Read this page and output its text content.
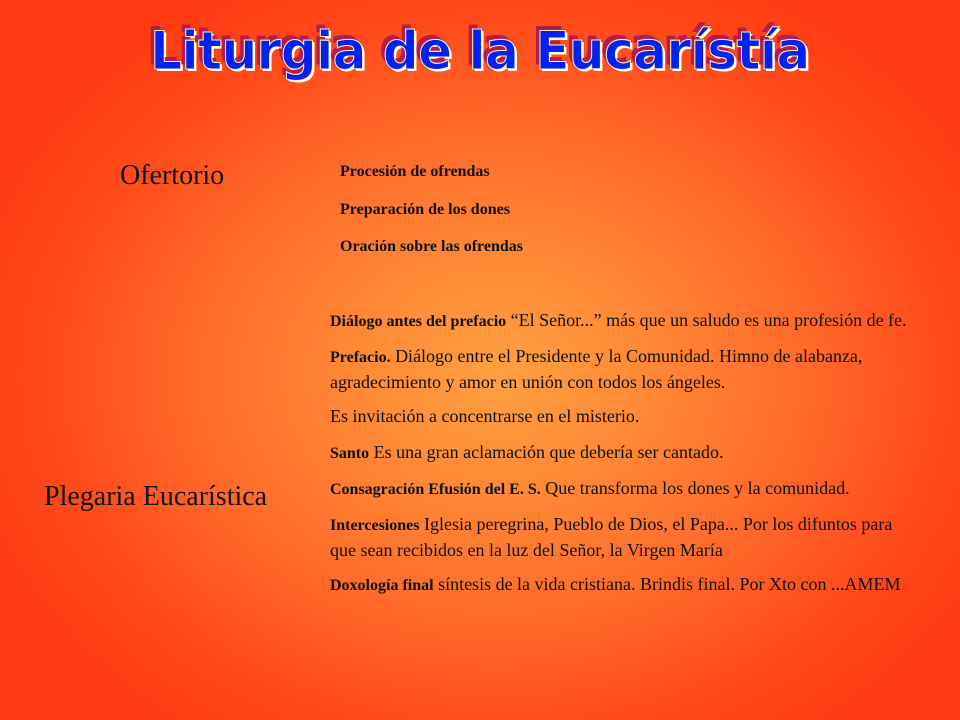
Liturgia de la Eucarístía
Ofertorio	Procesión de ofrendas
Preparación de los dones
Oración sobre las ofrendas
Plegaria Eucarística
Diálogo antes del prefacio “El Señor...” más que un saludo es una profesión de fe.
Prefacio. Diálogo entre el Presidente y la Comunidad. Himno de alabanza, agradecimiento y amor en unión con todos los ángeles.
Es invitación a concentrarse en el misterio.
Santo Es una gran aclamación que debería ser cantado.
Consagración Efusión del E. S. Que transforma los dones y la comunidad.
Intercesiones Iglesia peregrina, Pueblo de Dios, el Papa... Por los difuntos para que sean recibidos en la luz del Señor, la Virgen María
Doxología final síntesis de la vida cristiana. Brindis final. Por Xto con ...AMEM
